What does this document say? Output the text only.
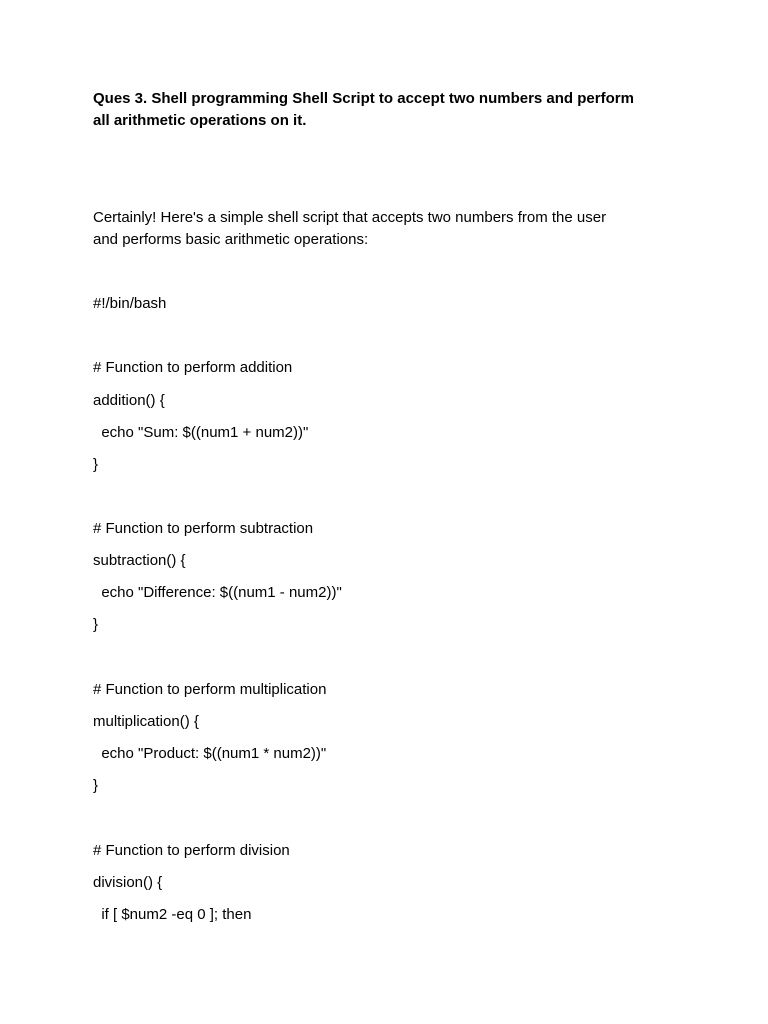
Ques 3. Shell programming Shell Script to accept two numbers and perform
all arithmetic operations on it.
Certainly! Here's a simple shell script that accepts two numbers from the user
and performs basic arithmetic operations:
#!/bin/bash
# Function to perform addition
addition() {
echo "Sum: $((num1 + num2))"
}
# Function to perform subtraction
subtraction() {
echo "Difference: $((num1 - num2))"
}
# Function to perform multiplication
multiplication() {
echo "Product: $((num1 * num2))"
}
# Function to perform division
division() {
if [ $num2 -eq 0 ]; then
